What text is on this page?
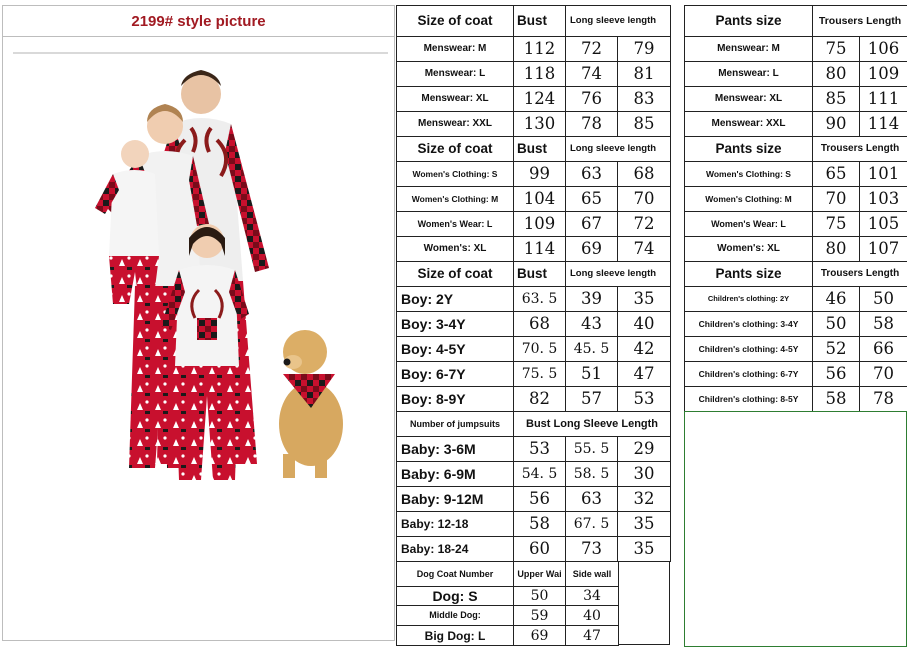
2199# style picture	Size of coat	Bust	Long sleeve length	
Menswear: M	112	72	79
Menswear: L	118	74	81
Menswear: XL	124	76	83
Menswear: XXL	130	78	85
Size of coat	Bust	Long sleeve length	
Women's Clothing: S	99	63	68
Women's Clothing: M	104	65	70
Women's Wear: L	109	67	72
Women's: XL	114	69	74
Size of coat	Bust	Long sleeve length	
Boy: 2Y	63. 5	39	35
Boy: 3-4Y	68	43	40
Boy: 4-5Y	70. 5	45. 5	42
Boy: 6-7Y	75. 5	51	47
Boy: 8-9Y	82	57	53
Number of jumpsuits	Bust Long Sleeve Length		
Baby: 3-6M	53	55. 5	29
Baby: 6-9M	54. 5	58. 5	30
Baby: 9-12M	56	63	32
Baby: 12-18	58	67. 5	35
Baby: 18-24	60	73	35
Dog Coat Number	Upper Wai	Side wall
Dog: S	50	34
Middle Dog:	59	40
Big Dog: L	69	47
Pants size	Trousers Length	
Menswear: M	75	106
Menswear: L	80	109
Menswear: XL	85	111
Menswear: XXL	90	114
Pants size	Trousers Length	
Women's Clothing: S	65	101
Women's Clothing: M	70	103
Women's Wear: L	75	105
Women's: XL	80	107
Pants size	Trousers Length	
Children's clothing: 2Y	46	50
Children's clothing: 3-4Y	50	58
Children's clothing: 4-5Y	52	66
Children's clothing: 6-7Y	56	70
Children's clothing: 8-5Y	58	78
